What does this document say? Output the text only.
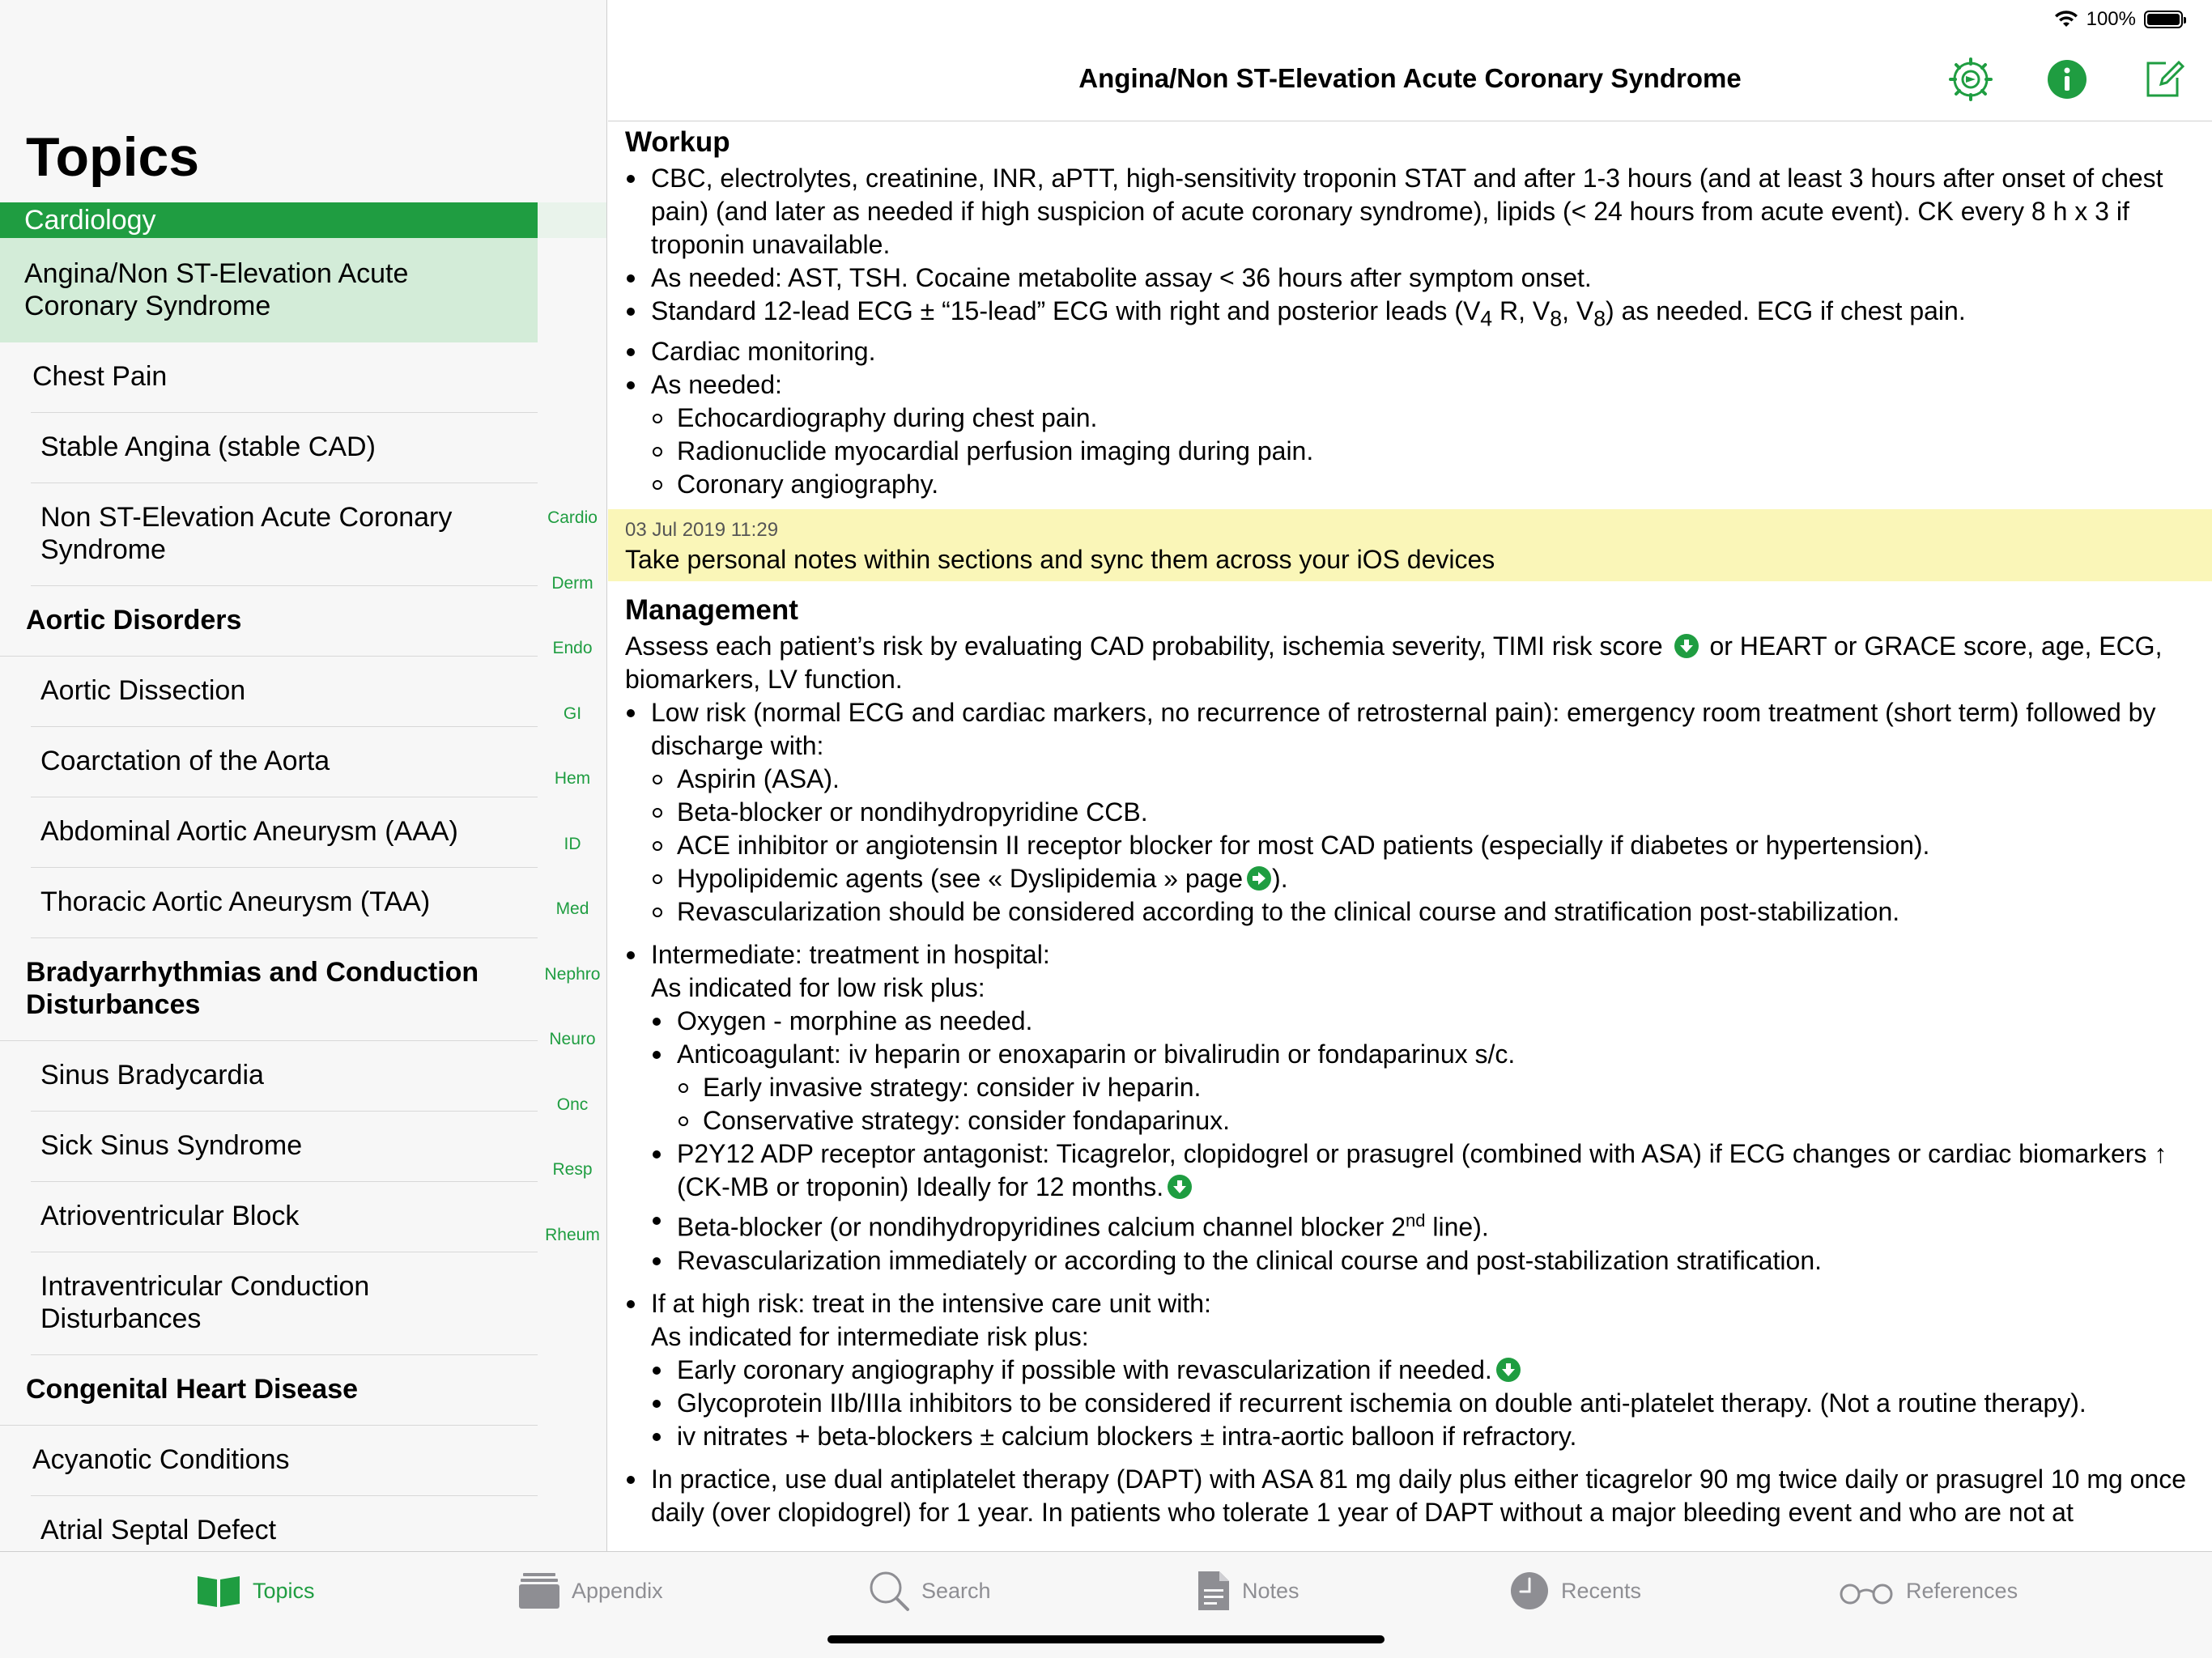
100%
Topics
Cardiology
Angina/Non ST-Elevation Acute Coronary Syndrome
Chest Pain
Stable Angina (stable CAD)
Non ST-Elevation Acute Coronary Syndrome
Aortic Disorders
Aortic Dissection
Coarctation of the Aorta
Abdominal Aortic Aneurysm (AAA)
Thoracic Aortic Aneurysm (TAA)
Bradyarrhythmias and Conduction Disturbances
Sinus Bradycardia
Sick Sinus Syndrome
Atrioventricular Block
Intraventricular Conduction Disturbances
Congenital Heart Disease
Acyanotic Conditions
Atrial Septal Defect
Cardio
Derm
Endo
GI
Hem
ID
Med
Nephro
Neuro
Onc
Resp
Rheum
Angina/Non ST-Elevation Acute Coronary Syndrome
Workup
CBC, electrolytes, creatinine, INR, aPTT, high-sensitivity troponin STAT and after 1-3 hours (and at least 3 hours after onset of chest pain) (and later as needed if high suspicion of acute coronary syndrome), lipids (< 24 hours from acute event). CK every 8 h x 3 if troponin unavailable.
As needed: AST, TSH. Cocaine metabolite assay < 36 hours after symptom onset.
Standard 12-lead ECG ± “15-lead” ECG with right and posterior leads ($V_4$ R, $V_8$, $V_8$) as needed. ECG if chest pain.
Cardiac monitoring.
As needed:
Echocardiography during chest pain.
Radionuclide myocardial perfusion imaging during pain.
Coronary angiography.
03 Jul 2019 11:29
Take personal notes within sections and sync them across your iOS devices
Management
Assess each patient’s risk by evaluating CAD probability, ischemia severity, TIMI risk score or HEART or GRACE score, age, ECG, biomarkers, LV function.
Low risk (normal ECG and cardiac markers, no recurrence of retrosternal pain): emergency room treatment (short term) followed by discharge with:
Aspirin (ASA).
Beta-blocker or nondihydropyridine CCB.
ACE inhibitor or angiotensin II receptor blocker for most CAD patients (especially if diabetes or hypertension).
Hypolipidemic agents (see « Dyslipidemia » page ).
Revascularization should be considered according to the clinical course and stratification post-stabilization.
Intermediate: treatment in hospital:
As indicated for low risk plus:
Oxygen - morphine as needed.
Anticoagulant: iv heparin or enoxaparin or bivalirudin or fondaparinux s/c.
Early invasive strategy: consider iv heparin.
Conservative strategy: consider fondaparinux.
P2Y12 ADP receptor antagonist: Ticagrelor, clopidogrel or prasugrel (combined with ASA) if ECG changes or cardiac biomarkers ↑ (CK-MB or troponin) Ideally for 12 months.
Beta-blocker (or nondihydropyridines calcium channel blocker 2nd line).
Revascularization immediately or according to the clinical course and post-stabilization stratification.
If at high risk: treat in the intensive care unit with:
As indicated for intermediate risk plus:
Early coronary angiography if possible with revascularization if needed.
Glycoprotein IIb/IIIa inhibitors to be considered if recurrent ischemia on double anti-platelet therapy. (Not a routine therapy).
iv nitrates + beta-blockers ± calcium blockers ± intra-aortic balloon if refractory.
In practice, use dual antiplatelet therapy (DAPT) with ASA 81 mg daily plus either ticagrelor 90 mg twice daily or prasugrel 10 mg once daily (over clopidogrel) for 1 year. In patients who tolerate 1 year of DAPT without a major bleeding event and who are not at
Topics	Appendix	Search	Notes	Recents	References
